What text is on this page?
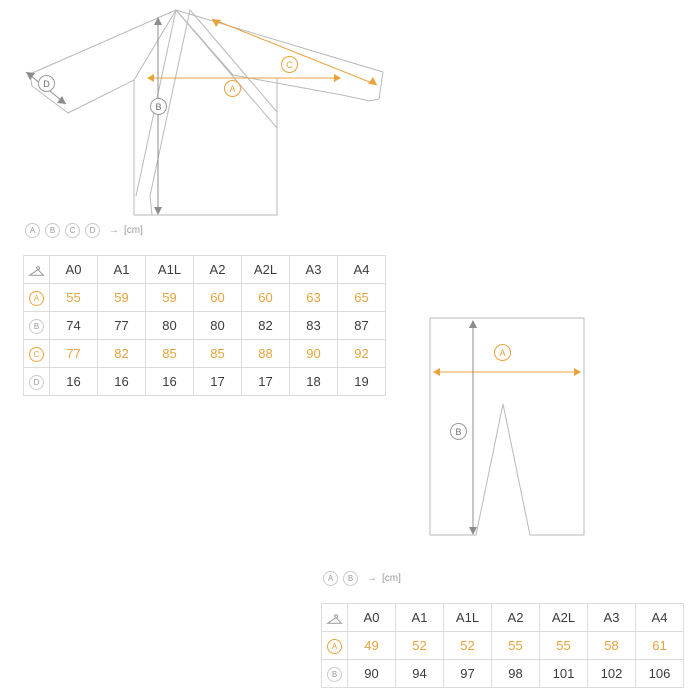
A
B
C
D
A
B
A	B	C	D	→ [cm]
	A0	A1	A1L	A2	A2L	A3	A4
A	55	59	59	60	60	63	65
B	74	77	80	80	82	83	87
C	77	82	85	85	88	90	92
D	16	16	16	17	17	18	19
A	B	→ [cm]
	A0	A1	A1L	A2	A2L	A3	A4
A	49	52	52	55	55	58	61
B	90	94	97	98	101	102	106
